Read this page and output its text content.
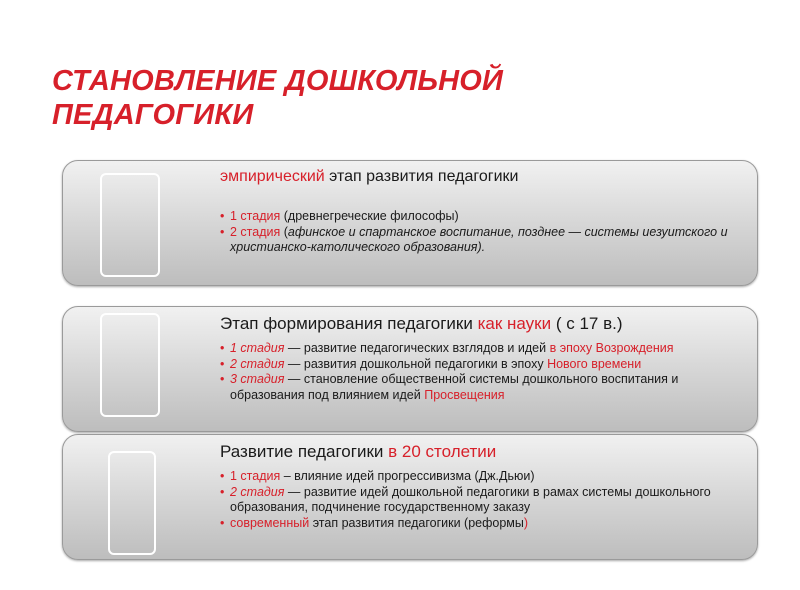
СТАНОВЛЕНИЕ ДОШКОЛЬНОЙ
ПЕДАГОГИКИ
эмпирический этап развития педагогики
• 1 стадия (древнегреческие философы)
• 2 стадия (афинское и спартанское воспитание, позднее — системы иезуитского и христианско-католического образования).
Этап формирования педагогики как науки ( с 17 в.)
• 1 стадия — развитие педагогических взглядов и идей в эпоху Возрождения
• 2 стадия — развития дошкольной педагогики в эпоху Нового времени
• 3 стадия — становление общественной системы дошкольного воспитания и образования под влиянием идей Просвещения
Развитие педагогики в 20 столетии
• 1 стадия – влияние идей прогрессивизма (Дж.Дьюи)
• 2 стадия — развитие идей дошкольной педагогики в рамах системы дошкольного образования, подчинение государственному заказу
• современный этап развития педагогики (реформы)
